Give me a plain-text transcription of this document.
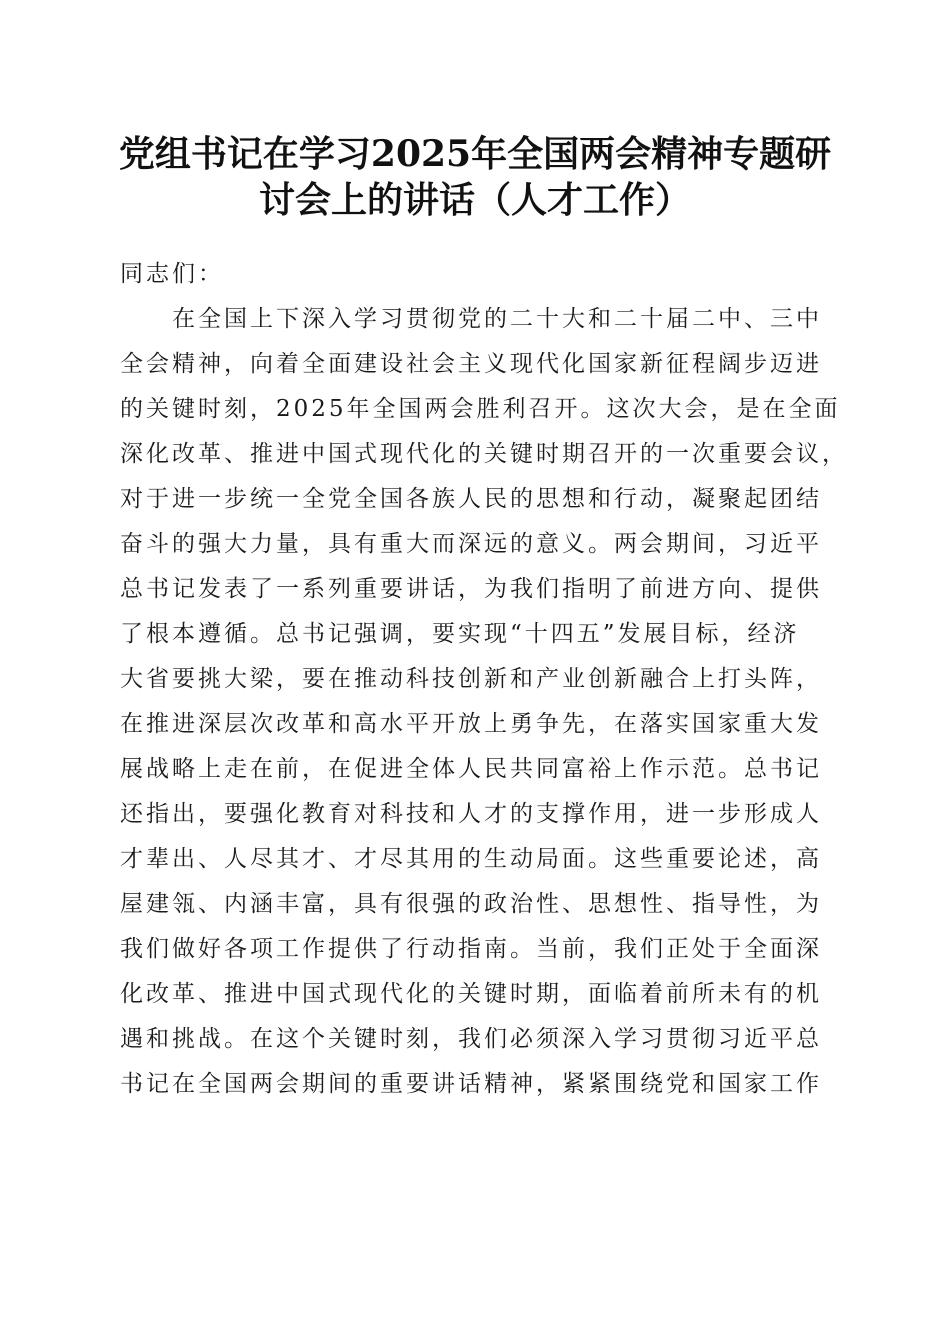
党组书记在学习2025年全国两会精神专题研
讨会上的讲话（人才工作）
同志们：
在全国上下深入学习贯彻党的二十大和二十届二中、三中
全会精神，向着全面建设社会主义现代化国家新征程阔步迈进
的关键时刻，2025年全国两会胜利召开。这次大会，是在全面
深化改革、推进中国式现代化的关键时期召开的一次重要会议，
对于进一步统一全党全国各族人民的思想和行动，凝聚起团结
奋斗的强大力量，具有重大而深远的意义。两会期间，习近平
总书记发表了一系列重要讲话，为我们指明了前进方向、提供
了根本遵循。总书记强调，要实现“十四五”发展目标，经济
大省要挑大梁，要在推动科技创新和产业创新融合上打头阵，
在推进深层次改革和高水平开放上勇争先，在落实国家重大发
展战略上走在前，在促进全体人民共同富裕上作示范。总书记
还指出，要强化教育对科技和人才的支撑作用，进一步形成人
才辈出、人尽其才、才尽其用的生动局面。这些重要论述，高
屋建瓴、内涵丰富，具有很强的政治性、思想性、指导性，为
我们做好各项工作提供了行动指南。当前，我们正处于全面深
化改革、推进中国式现代化的关键时期，面临着前所未有的机
遇和挑战。在这个关键时刻，我们必须深入学习贯彻习近平总
书记在全国两会期间的重要讲话精神，紧紧围绕党和国家工作
